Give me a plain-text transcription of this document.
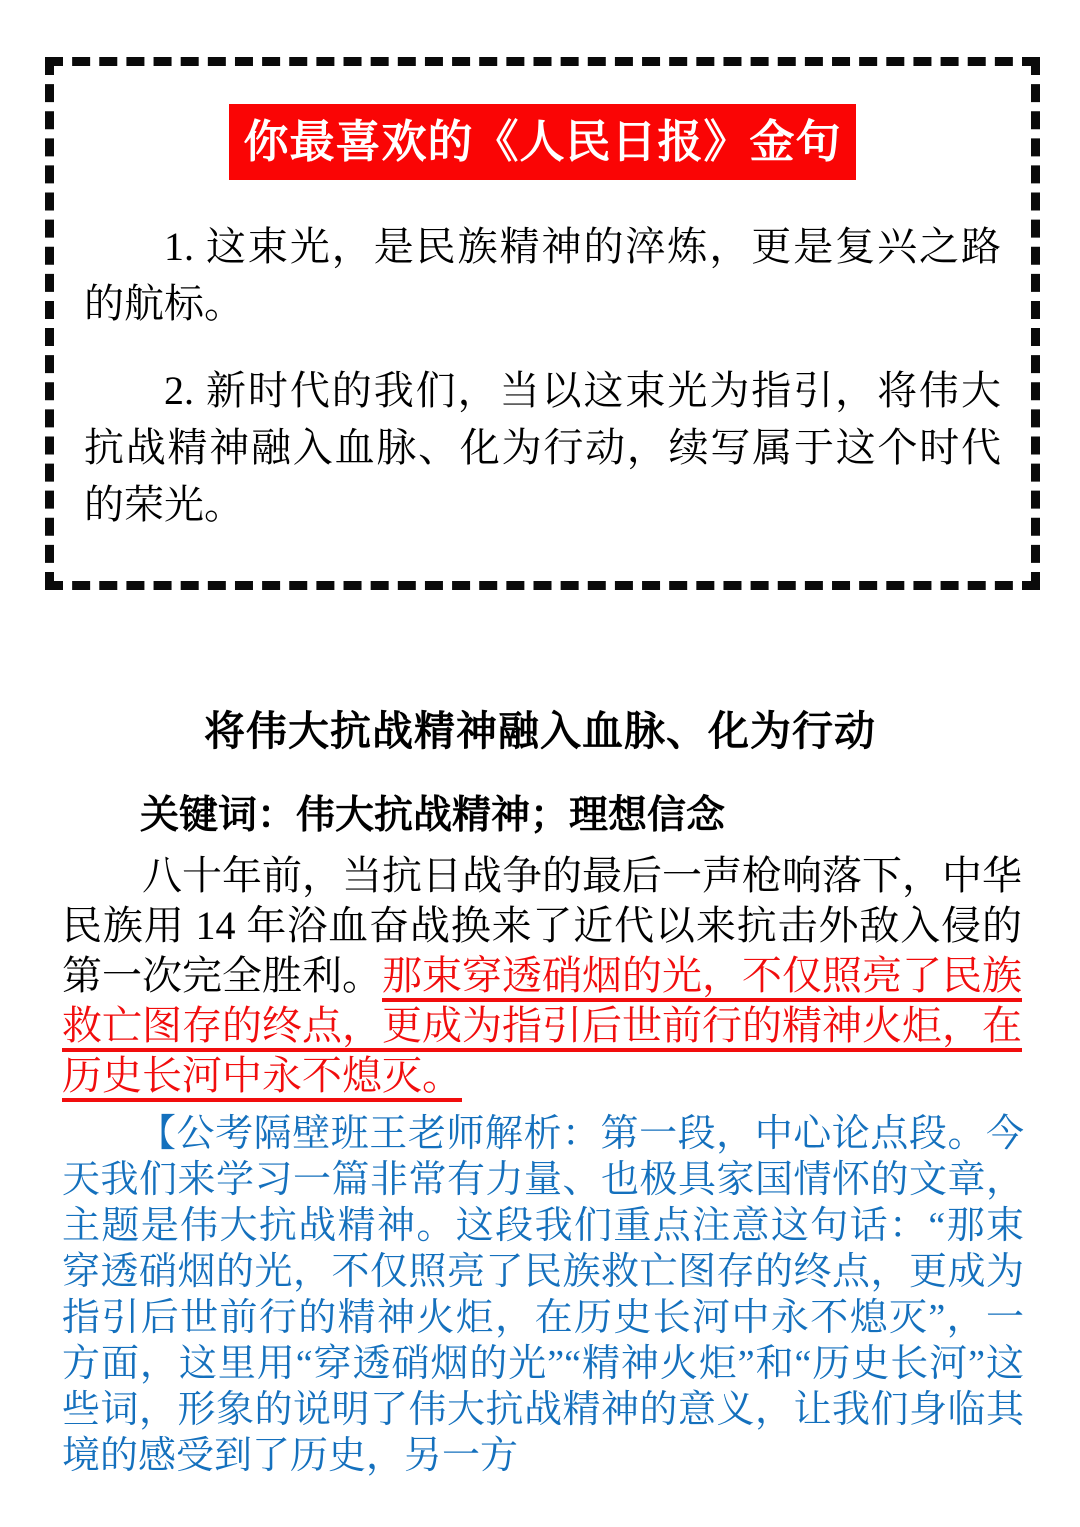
你最喜欢的《人民日报》金句

1. 这束光，是民族精神的淬炼，更是复兴之路的航标。

2. 新时代的我们，当以这束光为指引，将伟大抗战精神融入血脉、化为行动，续写属于这个时代的荣光。

将伟大抗战精神融入血脉、化为行动

关键词：伟大抗战精神；理想信念

八十年前，当抗日战争的最后一声枪响落下，中华民族用 14 年浴血奋战换来了近代以来抗击外敌入侵的第一次完全胜利。那束穿透硝烟的光，不仅照亮了民族救亡图存的终点，更成为指引后世前行的精神火炬，在历史长河中永不熄灭。

【公考隔壁班王老师解析：第一段，中心论点段。今天我们来学习一篇非常有力量、也极具家国情怀的文章，主题是伟大抗战精神。这段我们重点注意这句话：“那束穿透硝烟的光，不仅照亮了民族救亡图存的终点，更成为指引后世前行的精神火炬，在历史长河中永不熄灭”，一方面，这里用“穿透硝烟的光”“精神火炬”和“历史长河”这些词，形象的说明了伟大抗战精神的意义，让我们身临其境的感受到了历史，另一方
